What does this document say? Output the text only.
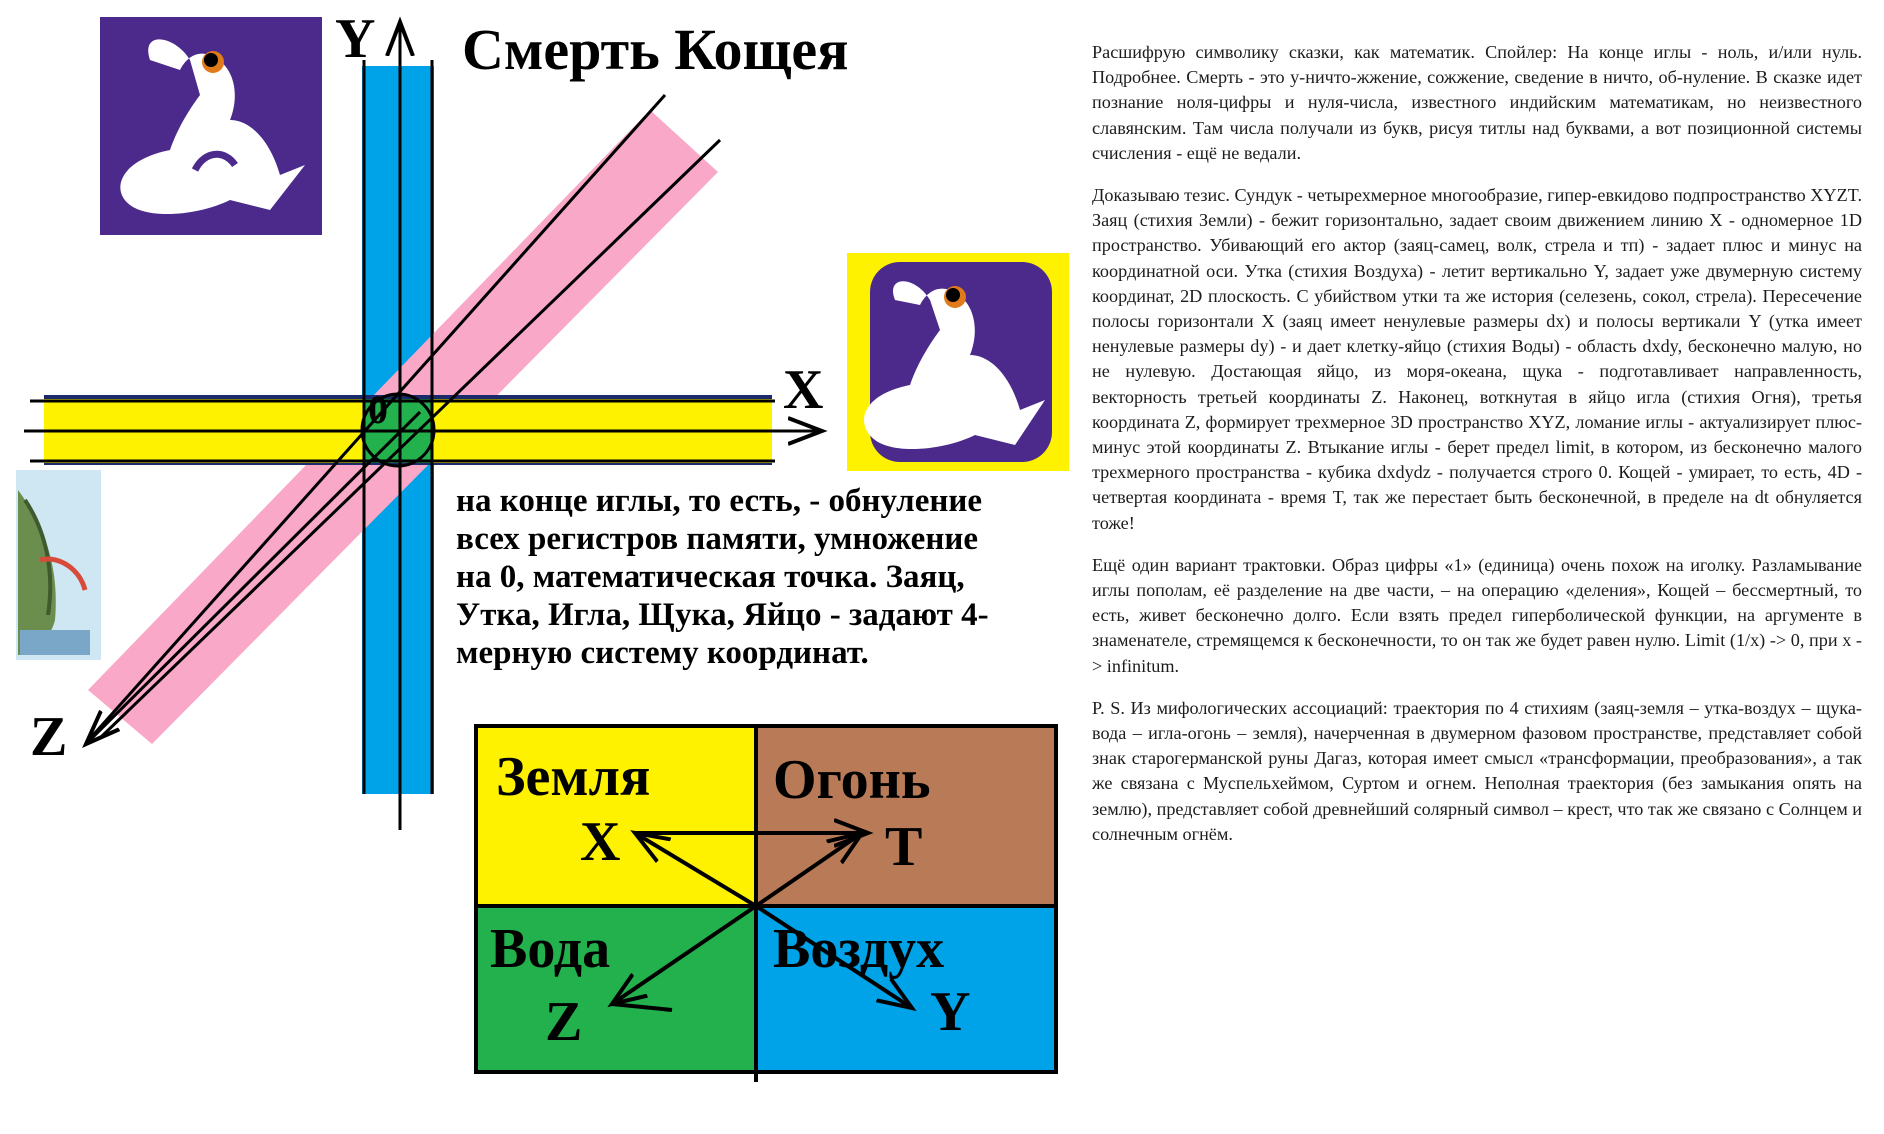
Y
X
Z
0
Земля Огонь
Вода	Воздух
X	T
Z	Y
Смерть Кощея

на конце иглы, то есть, - обнуление всех регистров памяти, умножение на 0, математическая точка. Заяц, Утка, Игла, Щука, Яйцо - задают 4-мерную систему координат.

Расшифрую символику сказки, как математик. Спойлер: На конце иглы - ноль, и/или нуль. Подробнее. Смерть - это у-ничто-жжение, сожжение, сведение в ничто, об-нуление. В сказке идет познание ноля-цифры и нуля-числа, известного индийским математикам, но неизвестного славянским. Там числа получали из букв, рисуя титлы над буквами, а вот позиционной системы счисления - ещё не ведали.

Доказываю тезис. Сундук - четырехмерное многообразие, гипер-евкидово подпространство XYZT. Заяц (стихия Земли) - бежит горизонтально, задает своим движением линию X - одномерное 1D пространство. Убивающий его актор (заяц-самец, волк, стрела и тп) - задает плюс и минус на координатной оси. Утка (стихия Воздуха) - летит вертикально Y, задает уже двумерную систему координат, 2D плоскость. С убийством утки та же история (селезень, сокол, стрела). Пересечение полосы горизонтали X (заяц имеет ненулевые размеры dx) и полосы вертикали Y (утка имеет ненулевые размеры dy) - и дает клетку-яйцо (стихия Воды) - область dxdy, бесконечно малую, но не нулевую. Достающая яйцо, из моря-океана, щука - подготавливает направленность, векторность третьей координаты Z. Наконец, воткнутая в яйцо игла (стихия Огня), третья координата Z, формирует трехмерное 3D пространство XYZ, ломание иглы - актуализирует плюс-минус этой координаты Z. Втыкание иглы - берет предел limit, в котором, из бесконечно малого трехмерного пространства - кубика dxdydz - получается строго 0. Кощей - умирает, то есть, 4D - четвертая координата - время T, так же перестает быть бесконечной, в пределе на dt обнуляется тоже!

Ещё один вариант трактовки. Образ цифры «1» (единица) очень похож на иголку. Разламывание иглы пополам, её разделение на две части, – на операцию «деления», Кощей – бессмертный, то есть, живет бесконечно долго. Если взять предел гиперболической функции, на аргументе в знаменателе, стремящемся к бесконечности, то он так же будет равен нулю. Limit (1/x) -> 0, при x -> infinitum.

P. S. Из мифологических ассоциаций: траектория по 4 стихиям (заяц-земля – утка-воздух – щука-вода – игла-огонь – земля), начерченная в двумерном фазовом пространстве, представляет собой знак старогерманской руны Дагаз, которая имеет смысл «трансформации, преобразования», а так же связана с Муспельхеймом, Суртом и огнем. Неполная траектория (без замыкания опять на землю), представляет собой древнейший солярный символ – крест, что так же связано с Солнцем и солнечным огнём.
